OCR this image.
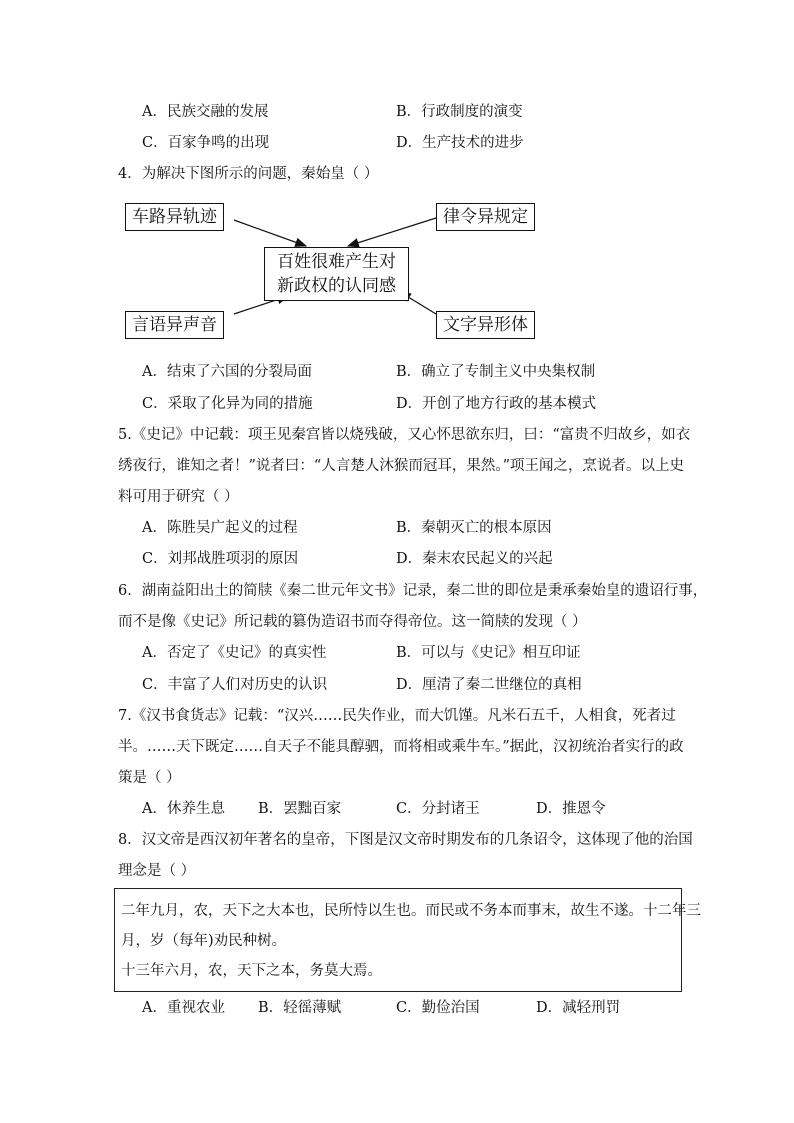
A．民族交融的发展	B．行政制度的演变
C．百家争鸣的出现	D．生产技术的进步
4．为解决下图所示的问题，秦始皇（ ）
车路异轨迹	律令异规定
百姓很难产生对
新政权的认同感
言语异声音	文字异形体
A．结束了六国的分裂局面	B．确立了专制主义中央集权制
C．采取了化异为同的措施	D．开创了地方行政的基本模式
5.《史记》中记载：项王见秦宫皆以烧残破，又心怀思欲东归，曰：“富贵不归故乡，如衣
绣夜行，谁知之者！”说者曰：“人言楚人沐猴而冠耳，果然。”项王闻之，烹说者。以上史
料可用于研究（ ）
A．陈胜吴广起义的过程	B．秦朝灭亡的根本原因
C．刘邦战胜项羽的原因	D．秦末农民起义的兴起
6．湖南益阳出土的简牍《秦二世元年文书》记录，秦二世的即位是秉承秦始皇的遗诏行事，
而不是像《史记》所记载的篡伪造诏书而夺得帝位。这一简牍的发现（ ）
A．否定了《史记》的真实性	B．可以与《史记》相互印证
C．丰富了人们对历史的认识	D．厘清了秦二世继位的真相
7.《汉书食货志》记载：“汉兴……民失作业，而大饥馑。凡米石五千，人相食，死者过
半。……天下既定……自天子不能具醇驷，而将相或乘牛车。”据此，汉初统治者实行的政
策是（ ）
A．休养生息 B．罢黜百家	C．分封诸王	D．推恩令
8．汉文帝是西汉初年著名的皇帝，下图是汉文帝时期发布的几条诏令，这体现了他的治国
理念是（ ）
二年九月，农，天下之大本也，民所恃以生也。而民或不务本而事末，故生不遂。十二年三
月，岁（每年)劝民种树。
十三年六月，农，天下之本，务莫大焉。
A．重视农业 B．轻徭薄赋	C．勤俭治国	D．减轻刑罚
